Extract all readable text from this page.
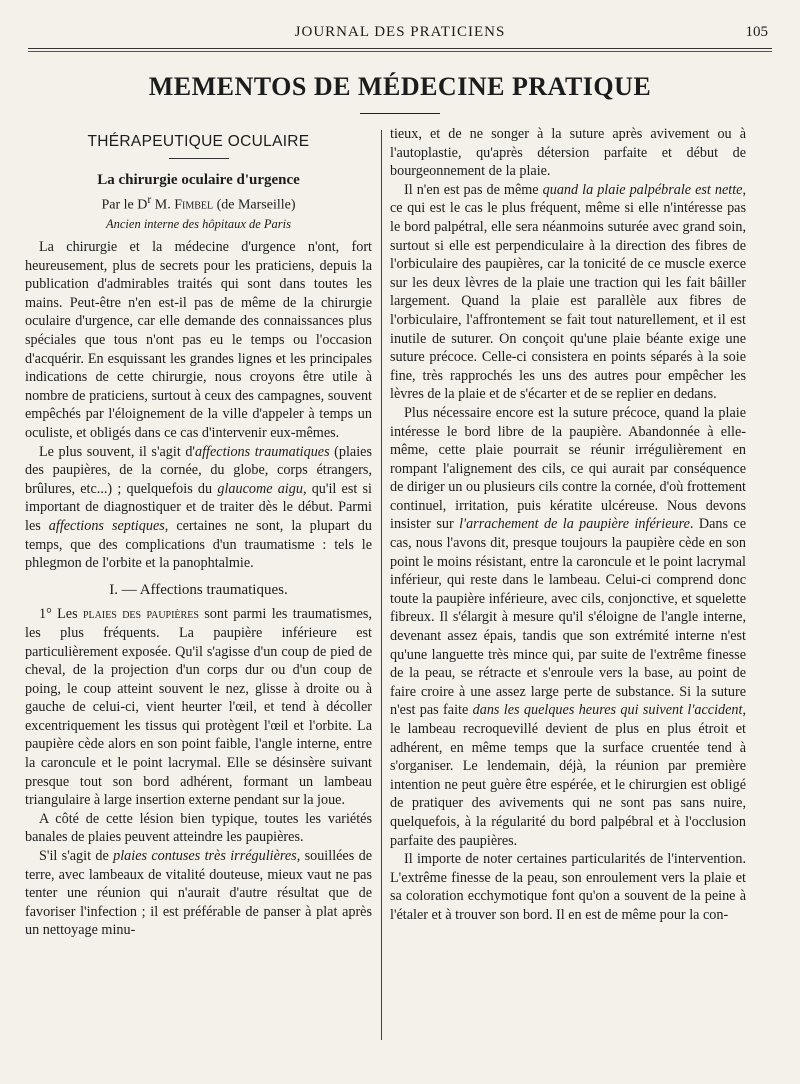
JOURNAL DES PRATICIENS	105
MEMENTOS DE MÉDECINE PRATIQUE
THÉRAPEUTIQUE OCULAIRE
La chirurgie oculaire d'urgence
Par le $D^r$ M. Fimbel (de Marseille)
Ancien interne des hôpitaux de Paris

La chirurgie et la médecine d'urgence n'ont, fort heureusement, plus de secrets pour les praticiens, depuis la publication d'admirables traités qui sont dans toutes les mains. Peut-être n'en est-il pas de même de la chirurgie oculaire d'urgence, car elle demande des connaissances plus spéciales que tous n'ont pas eu le temps ou l'occasion d'acquérir. En esquissant les grandes lignes et les principales indications de cette chirurgie, nous croyons être utile à nombre de praticiens, surtout à ceux des campagnes, souvent empêchés par l'éloignement de la ville d'appeler à temps un oculiste, et obligés dans ce cas d'intervenir eux-mêmes.

Le plus souvent, il s'agit d'affections traumatiques (plaies des paupières, de la cornée, du globe, corps étrangers, brûlures, etc...) ; quelquefois du glaucome aigu, qu'il est si important de diagnostiquer et de traiter dès le début. Parmi les affections septiques, certaines ne sont, la plupart du temps, que des complications d'un traumatisme : tels le phlegmon de l'orbite et la panophtalmie.

I. — Affections traumatiques.

1° Les plaies des paupières sont parmi les traumatismes, les plus fréquents. La paupière inférieure est particulièrement exposée. Qu'il s'agisse d'un coup de pied de cheval, de la projection d'un corps dur ou d'un coup de poing, le coup atteint souvent le nez, glisse à droite ou à gauche de celui-ci, vient heurter l'œil, et tend à décoller excentriquement les tissus qui protègent l'œil et l'orbite. La paupière cède alors en son point faible, l'angle interne, entre la caroncule et le point lacrymal. Elle se désinsère suivant presque tout son bord adhérent, formant un lambeau triangulaire à large insertion externe pendant sur la joue.

A côté de cette lésion bien typique, toutes les variétés banales de plaies peuvent atteindre les paupières.

S'il s'agit de plaies contuses très irrégulières, souillées de terre, avec lambeaux de vitalité douteuse, mieux vaut ne pas tenter une réunion qui n'aurait d'autre résultat que de favoriser l'infection ; il est préférable de panser à plat après un nettoyage minu-

tieux, et de ne songer à la suture après avivement ou à l'autoplastie, qu'après détersion parfaite et début de bourgeonnement de la plaie.

Il n'en est pas de même quand la plaie palpébrale est nette, ce qui est le cas le plus fréquent, même si elle n'intéresse pas le bord palpétral, elle sera néanmoins suturée avec grand soin, surtout si elle est perpendiculaire à la direction des fibres de l'orbiculaire des paupières, car la tonicité de ce muscle exerce sur les deux lèvres de la plaie une traction qui les fait bâiller largement. Quand la plaie est parallèle aux fibres de l'orbiculaire, l'affrontement se fait tout naturellement, et il est inutile de suturer. On conçoit qu'une plaie béante exige une suture précoce. Celle-ci consistera en points séparés à la soie fine, très rapprochés les uns des autres pour empêcher les lèvres de la plaie et de s'écarter et de se replier en dedans.

Plus nécessaire encore est la suture précoce, quand la plaie intéresse le bord libre de la paupière. Abandonnée à elle-même, cette plaie pourrait se réunir irrégulièrement en rompant l'alignement des cils, ce qui aurait par conséquence de diriger un ou plusieurs cils contre la cornée, d'où frottement continuel, irritation, puis kératite ulcéreuse. Nous devons insister sur l'arrachement de la paupière inférieure. Dans ce cas, nous l'avons dit, presque toujours la paupière cède en son point le moins résistant, entre la caroncule et le point lacrymal inférieur, qui reste dans le lambeau. Celui-ci comprend donc toute la paupière inférieure, avec cils, conjonctive, et squelette fibreux. Il s'élargit à mesure qu'il s'éloigne de l'angle interne, devenant assez épais, tandis que son extrémité interne n'est qu'une languette très mince qui, par suite de l'extrême finesse de la peau, se rétracte et s'enroule vers la base, au point de faire croire à une assez large perte de substance. Si la suture n'est pas faite dans les quelques heures qui suivent l'accident, le lambeau recroquevillé devient de plus en plus étroit et adhérent, en même temps que la surface cruentée tend à s'organiser. Le lendemain, déjà, la réunion par première intention ne peut guère être espérée, et le chirurgien est obligé de pratiquer des avivements qui ne sont pas sans nuire, quelquefois, à la régularité du bord palpébral et à l'occlusion parfaite des paupières.

Il importe de noter certaines particularités de l'intervention. L'extrême finesse de la peau, son enroulement vers la plaie et sa coloration ecchymotique font qu'on a souvent de la peine à l'étaler et à trouver son bord. Il en est de même pour la con-
